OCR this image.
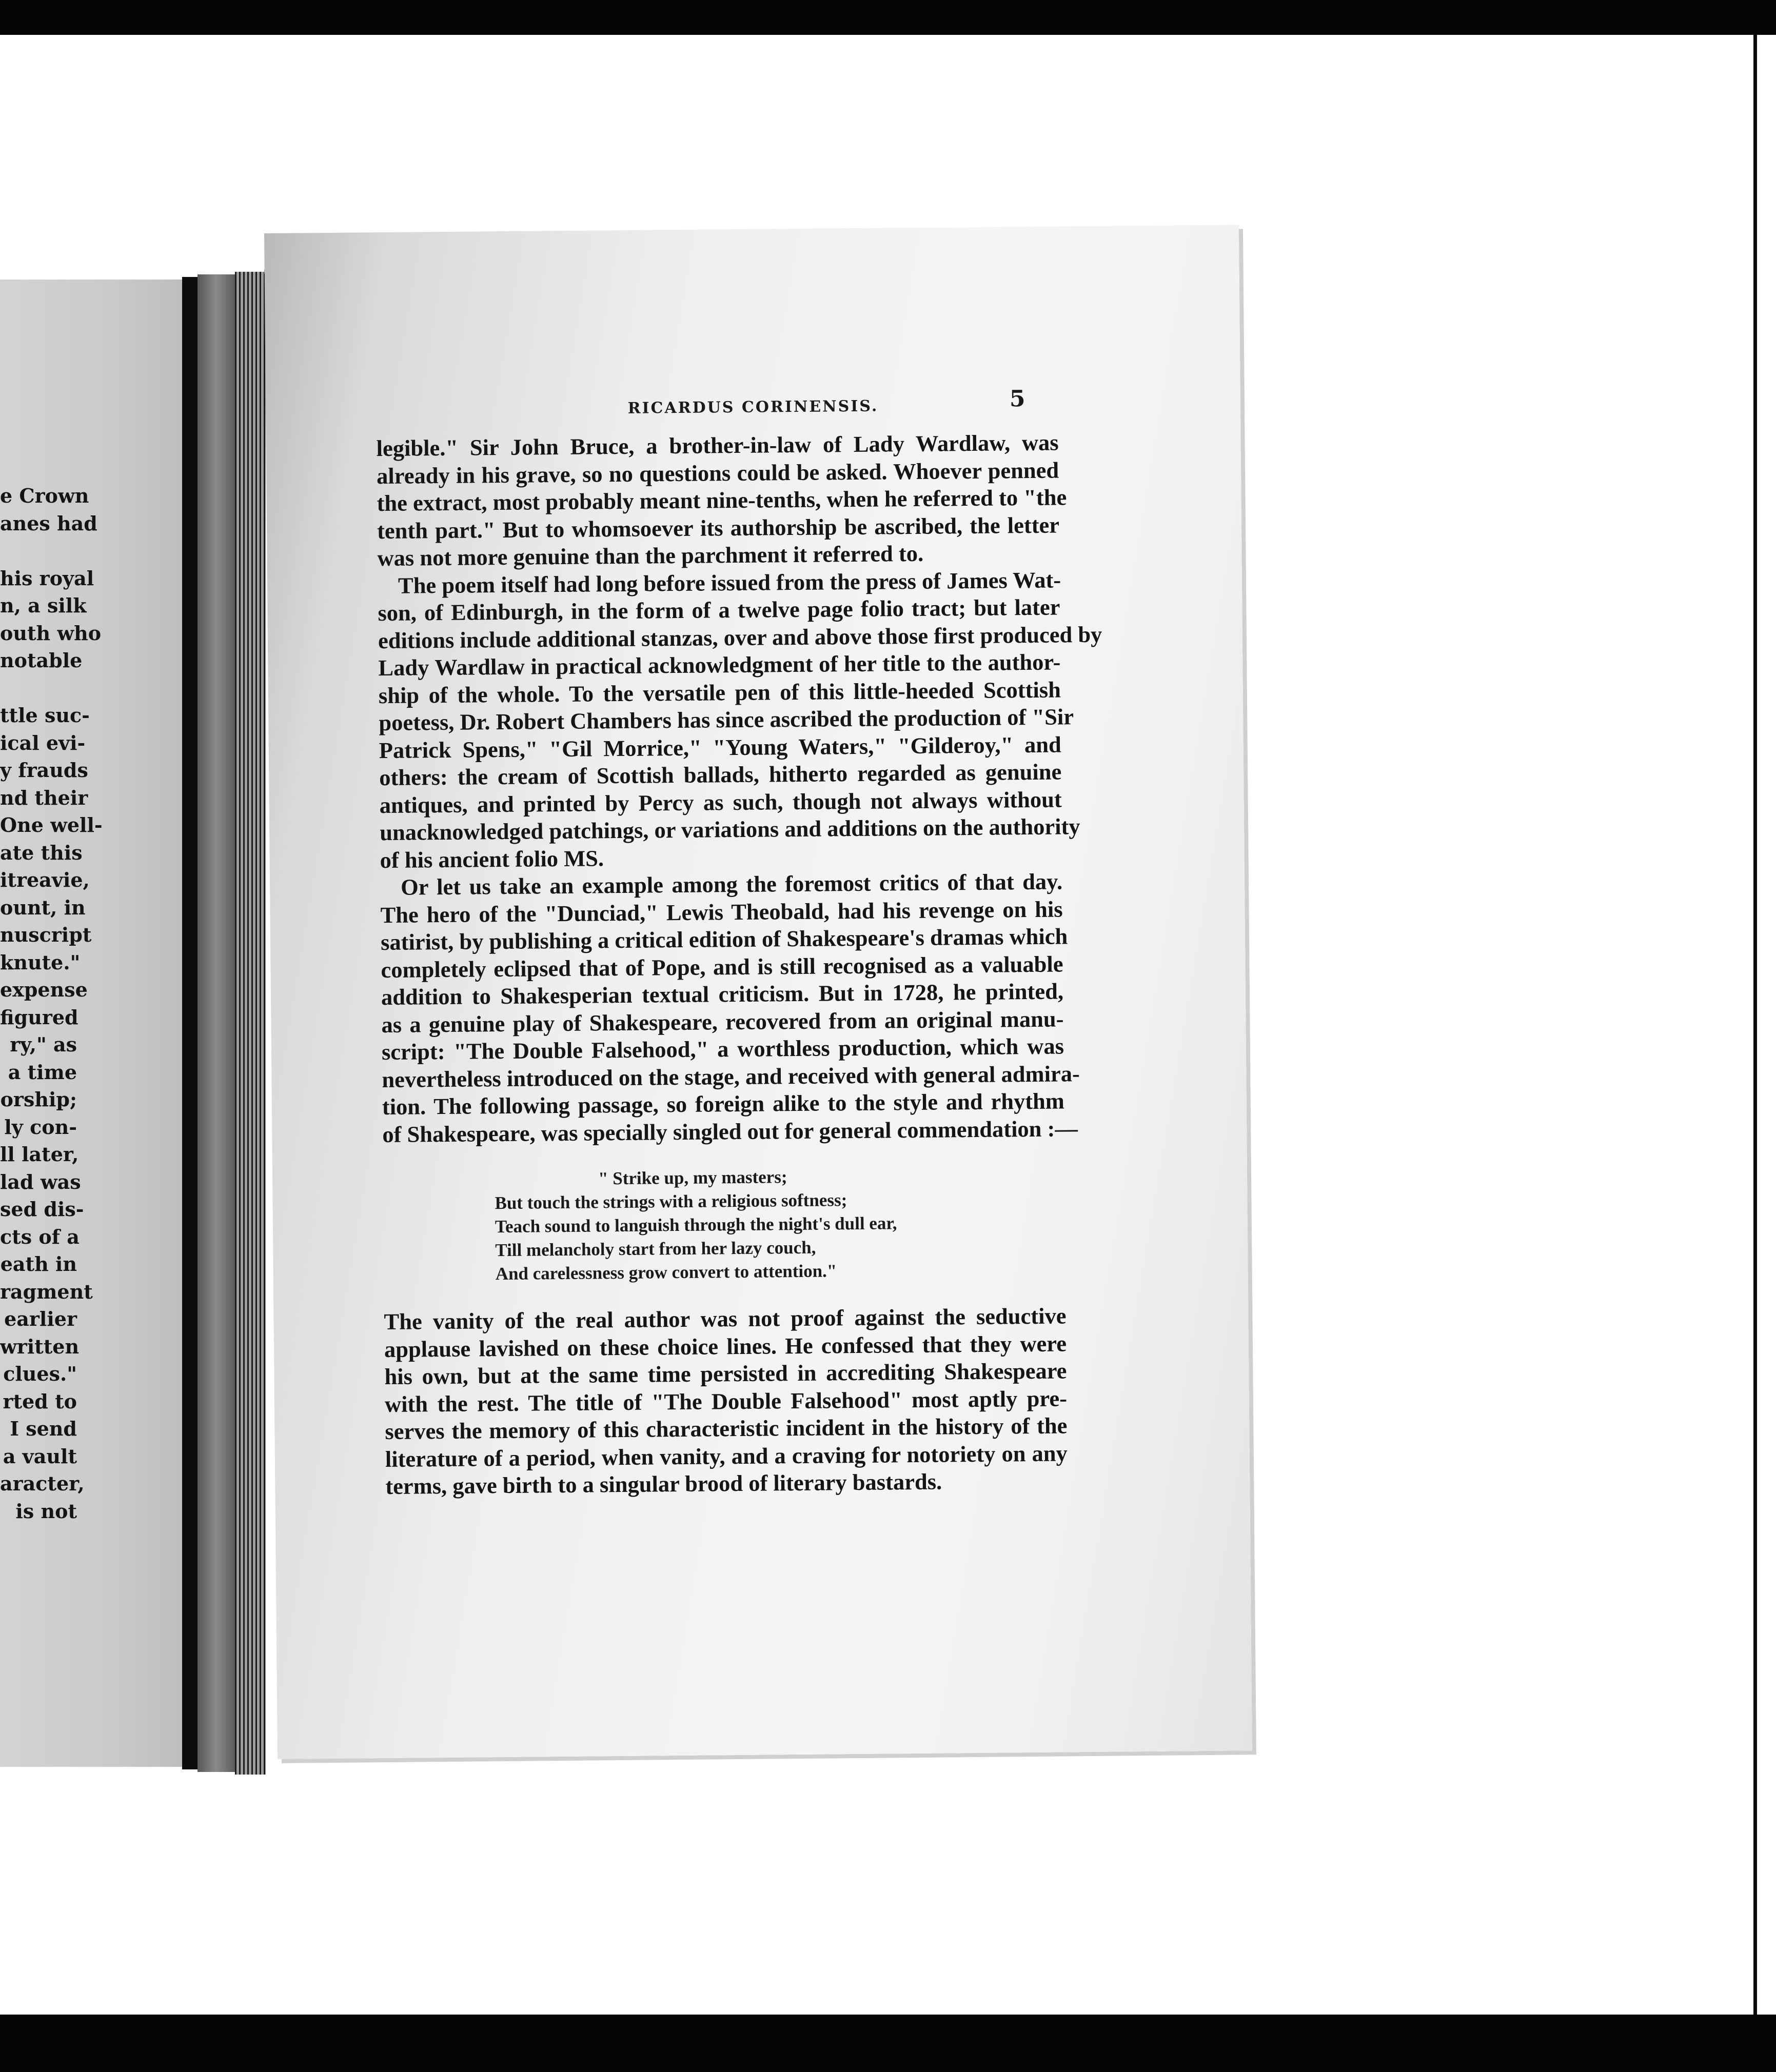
e Crown
anes had
his royal
n, a silk
outh who
notable
ttle suc-
ical evi-
y frauds
nd their
One well-
ate this
itreavie,
ount, in
nuscript
knute."
expense
figured
ry," as
a time
orship;
ly con-
ll later,
lad was
sed dis-
cts of a
eath in
ragment
earlier
written
clues."
rted to
I send
a vault
aracter,
is not
RICARDUS CORINENSIS.	5
legible." Sir John Bruce, a brother-in-law of Lady Wardlaw, was
already in his grave, so no questions could be asked. Whoever penned
the extract, most probably meant nine-tenths, when he referred to "the
tenth part." But to whomsoever its authorship be ascribed, the letter
was not more genuine than the parchment it referred to.
The poem itself had long before issued from the press of James Wat-
son, of Edinburgh, in the form of a twelve page folio tract; but later
editions include additional stanzas, over and above those first produced by
Lady Wardlaw in practical acknowledgment of her title to the author-
ship of the whole. To the versatile pen of this little-heeded Scottish
poetess, Dr. Robert Chambers has since ascribed the production of "Sir
Patrick Spens," "Gil Morrice," "Young Waters," "Gilderoy," and
others: the cream of Scottish ballads, hitherto regarded as genuine
antiques, and printed by Percy as such, though not always without
unacknowledged patchings, or variations and additions on the authority
of his ancient folio MS.
Or let us take an example among the foremost critics of that day.
The hero of the "Dunciad," Lewis Theobald, had his revenge on his
satirist, by publishing a critical edition of Shakespeare's dramas which
completely eclipsed that of Pope, and is still recognised as a valuable
addition to Shakesperian textual criticism. But in 1728, he printed,
as a genuine play of Shakespeare, recovered from an original manu-
script: "The Double Falsehood," a worthless production, which was
nevertheless introduced on the stage, and received with general admira-
tion. The following passage, so foreign alike to the style and rhythm
of Shakespeare, was specially singled out for general commendation :—
" Strike up, my masters;
But touch the strings with a religious softness;
Teach sound to languish through the night's dull ear,
Till melancholy start from her lazy couch,
And carelessness grow convert to attention."
The vanity of the real author was not proof against the seductive
applause lavished on these choice lines. He confessed that they were
his own, but at the same time persisted in accrediting Shakespeare
with the rest. The title of "The Double Falsehood" most aptly pre-
serves the memory of this characteristic incident in the history of the
literature of a period, when vanity, and a craving for notoriety on any
terms, gave birth to a singular brood of literary bastards.
